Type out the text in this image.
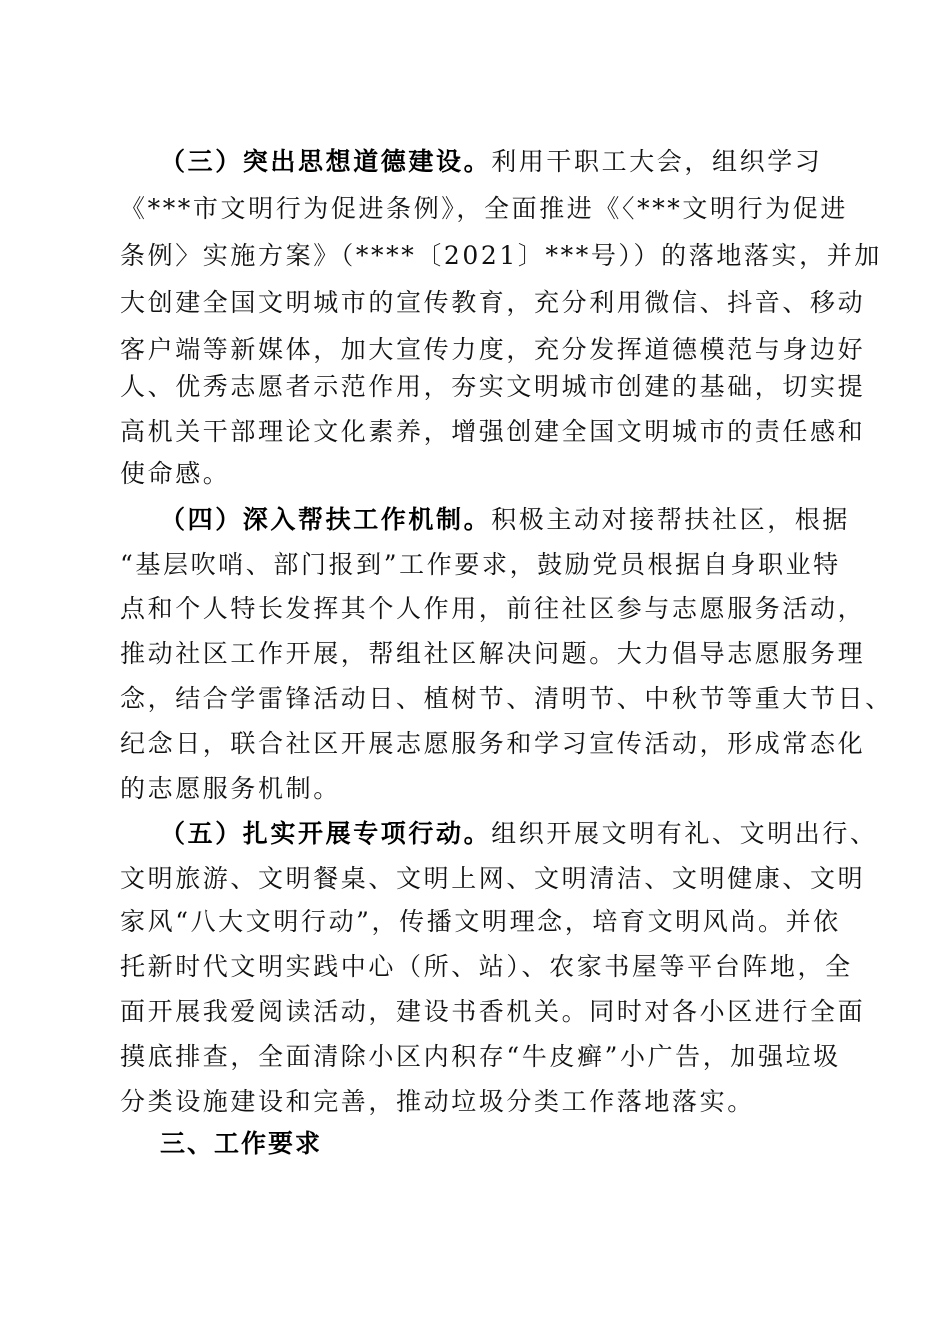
（三）突出思想道德建设。利用干职工大会，组织学习
《***市文明行为促进条例》，全面推进《〈***文明行为促进
条例〉实施方案》（****〔2021〕***号））的落地落实，并加
大创建全国文明城市的宣传教育，充分利用微信、抖音、移动
客户端等新媒体，加大宣传力度，充分发挥道德模范与身边好
人、优秀志愿者示范作用，夯实文明城市创建的基础，切实提
高机关干部理论文化素养，增强创建全国文明城市的责任感和
使命感。
（四）深入帮扶工作机制。积极主动对接帮扶社区，根据
“基层吹哨、部门报到”工作要求，鼓励党员根据自身职业特
点和个人特长发挥其个人作用，前往社区参与志愿服务活动，
推动社区工作开展，帮组社区解决问题。大力倡导志愿服务理
念，结合学雷锋活动日、植树节、清明节、中秋节等重大节日、
纪念日，联合社区开展志愿服务和学习宣传活动，形成常态化
的志愿服务机制。
（五）扎实开展专项行动。组织开展文明有礼、文明出行、
文明旅游、文明餐桌、文明上网、文明清洁、文明健康、文明
家风“八大文明行动”，传播文明理念，培育文明风尚。并依
托新时代文明实践中心（所、站）、农家书屋等平台阵地，全
面开展我爱阅读活动，建设书香机关。同时对各小区进行全面
摸底排查，全面清除小区内积存“牛皮癣”小广告，加强垃圾
分类设施建设和完善，推动垃圾分类工作落地落实。
三、工作要求
